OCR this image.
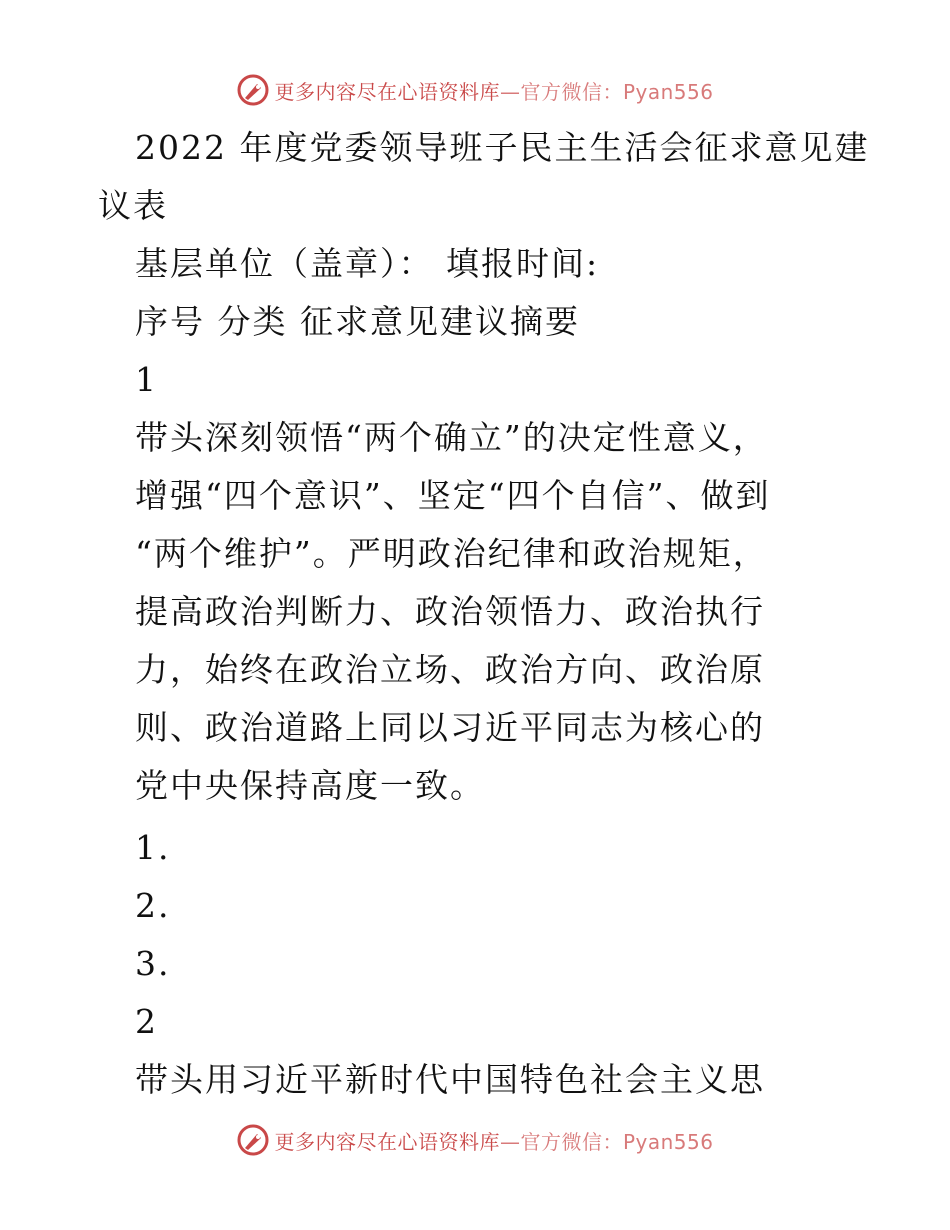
更多内容尽在心语资料库—官方微信：Pyan556
2022 年度党委领导班子民主生活会征求意见建
议表
基层单位（盖章）： 填报时间:
序号 分类 征求意见建议摘要
1
带头深刻领悟“两个确立”的决定性意义，
增强“四个意识”、坚定“四个自信”、做到
“两个维护”。严明政治纪律和政治规矩，
提高政治判断力、政治领悟力、政治执行
力，始终在政治立场、政治方向、政治原
则、政治道路上同以习近平同志为核心的
党中央保持高度一致。
1.
2.
3.
2
带头用习近平新时代中国特色社会主义思
更多内容尽在心语资料库—官方微信：Pyan556
